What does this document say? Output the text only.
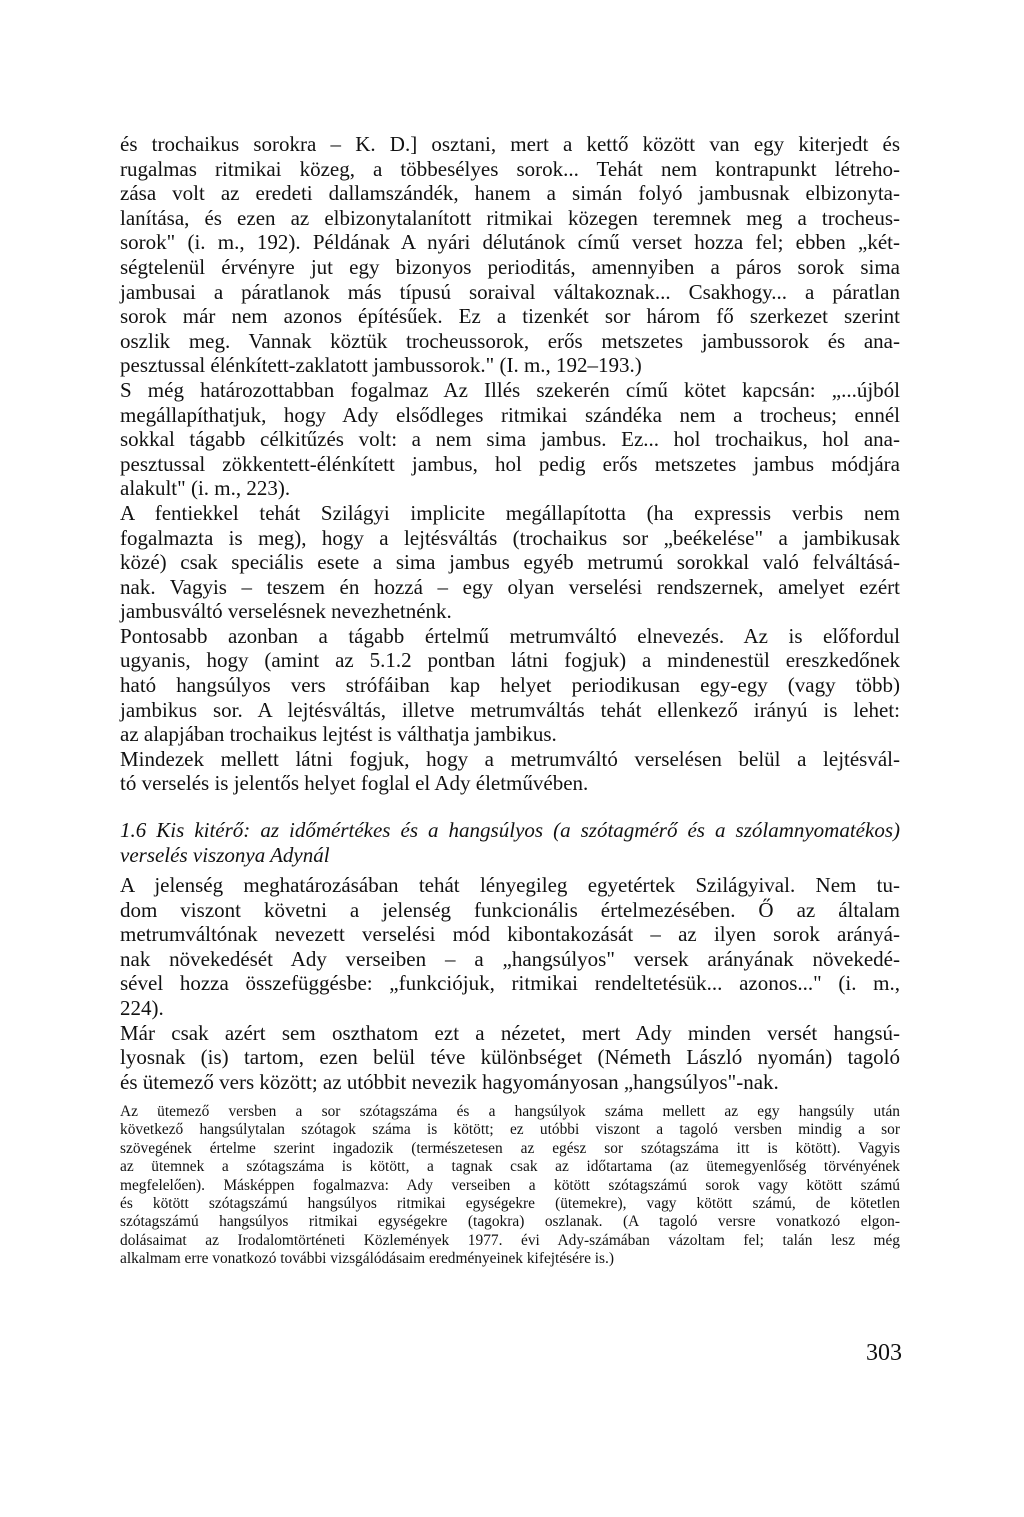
és trochaikus sorokra – K. D.] osztani, mert a kettő között van egy kiterjedt és
rugalmas ritmikai közeg, a többesélyes sorok... Tehát nem kontrapunkt létreho-
zása volt az eredeti dallamszándék, hanem a simán folyó jambusnak elbizonyta-
lanítása, és ezen az elbizonytalanított ritmikai közegen teremnek meg a trocheus-
sorok" (i. m., 192). Példának A nyári délutánok című verset hozza fel; ebben „két-
ségtelenül érvényre jut egy bizonyos perioditás, amennyiben a páros sorok sima
jambusai a páratlanok más típusú soraival váltakoznak... Csakhogy... a páratlan
sorok már nem azonos építésűek. Ez a tizenkét sor három fő szerkezet szerint
oszlik meg. Vannak köztük trocheussorok, erős metszetes jambussorok és ana-
pesztussal élénkített-zaklatott jambussorok." (I. m., 192–193.)
S még határozottabban fogalmaz Az Illés szekerén című kötet kapcsán: „...újból
megállapíthatjuk, hogy Ady elsődleges ritmikai szándéka nem a trocheus; ennél
sokkal tágabb célkitűzés volt: a nem sima jambus. Ez... hol trochaikus, hol ana-
pesztussal zökkentett-élénkített jambus, hol pedig erős metszetes jambus módjára
alakult" (i. m., 223).
A fentiekkel tehát Szilágyi implicite megállapította (ha expressis verbis nem
fogalmazta is meg), hogy a lejtésváltás (trochaikus sor „beékelése" a jambikusak
közé) csak speciális esete a sima jambus egyéb metrumú sorokkal való felváltásá-
nak. Vagyis – teszem én hozzá – egy olyan verselési rendszernek, amelyet ezért
jambusváltó verselésnek nevezhetnénk.
Pontosabb azonban a tágabb értelmű metrumváltó elnevezés. Az is előfordul
ugyanis, hogy (amint az 5.1.2 pontban látni fogjuk) a mindenestül ereszkedőnek
ható hangsúlyos vers strófáiban kap helyet periodikusan egy-egy (vagy több)
jambikus sor. A lejtésváltás, illetve metrumváltás tehát ellenkező irányú is lehet:
az alapjában trochaikus lejtést is válthatja jambikus.
Mindezek mellett látni fogjuk, hogy a metrumváltó verselésen belül a lejtésvál-
tó verselés is jelentős helyet foglal el Ady életművében.
1.6 Kis kitérő: az időmértékes és a hangsúlyos (a szótagmérő és a szólamnyomatékos)
verselés viszonya Adynál
A jelenség meghatározásában tehát lényegileg egyetértek Szilágyival. Nem tu-
dom viszont követni a jelenség funkcionális értelmezésében. Ő az általam
metrumváltónak nevezett verselési mód kibontakozását – az ilyen sorok arányá-
nak növekedését Ady verseiben – a „hangsúlyos" versek arányának növekedé-
sével hozza összefüggésbe: „funkciójuk, ritmikai rendeltetésük... azonos..." (i. m.,
224).
Már csak azért sem oszthatom ezt a nézetet, mert Ady minden versét hangsú-
lyosnak (is) tartom, ezen belül téve különbséget (Németh László nyomán) tagoló
és ütemező vers között; az utóbbit nevezik hagyományosan „hangsúlyos"-nak.
Az ütemező versben a sor szótagszáma és a hangsúlyok száma mellett az egy hangsúly után
következő hangsúlytalan szótagok száma is kötött; ez utóbbi viszont a tagoló versben mindig a sor
szövegének értelme szerint ingadozik (természetesen az egész sor szótagszáma itt is kötött). Vagyis
az ütemnek a szótagszáma is kötött, a tagnak csak az időtartama (az ütemegyenlőség törvényének
megfelelően). Másképpen fogalmazva: Ady verseiben a kötött szótagszámú sorok vagy kötött számú
és kötött szótagszámú hangsúlyos ritmikai egységekre (ütemekre), vagy kötött számú, de kötetlen
szótagszámú hangsúlyos ritmikai egységekre (tagokra) oszlanak. (A tagoló versre vonatkozó elgon-
dolásaimat az Irodalomtörténeti Közlemények 1977. évi Ady-számában vázoltam fel; talán lesz még
alkalmam erre vonatkozó további vizsgálódásaim eredményeinek kifejtésére is.)
303
